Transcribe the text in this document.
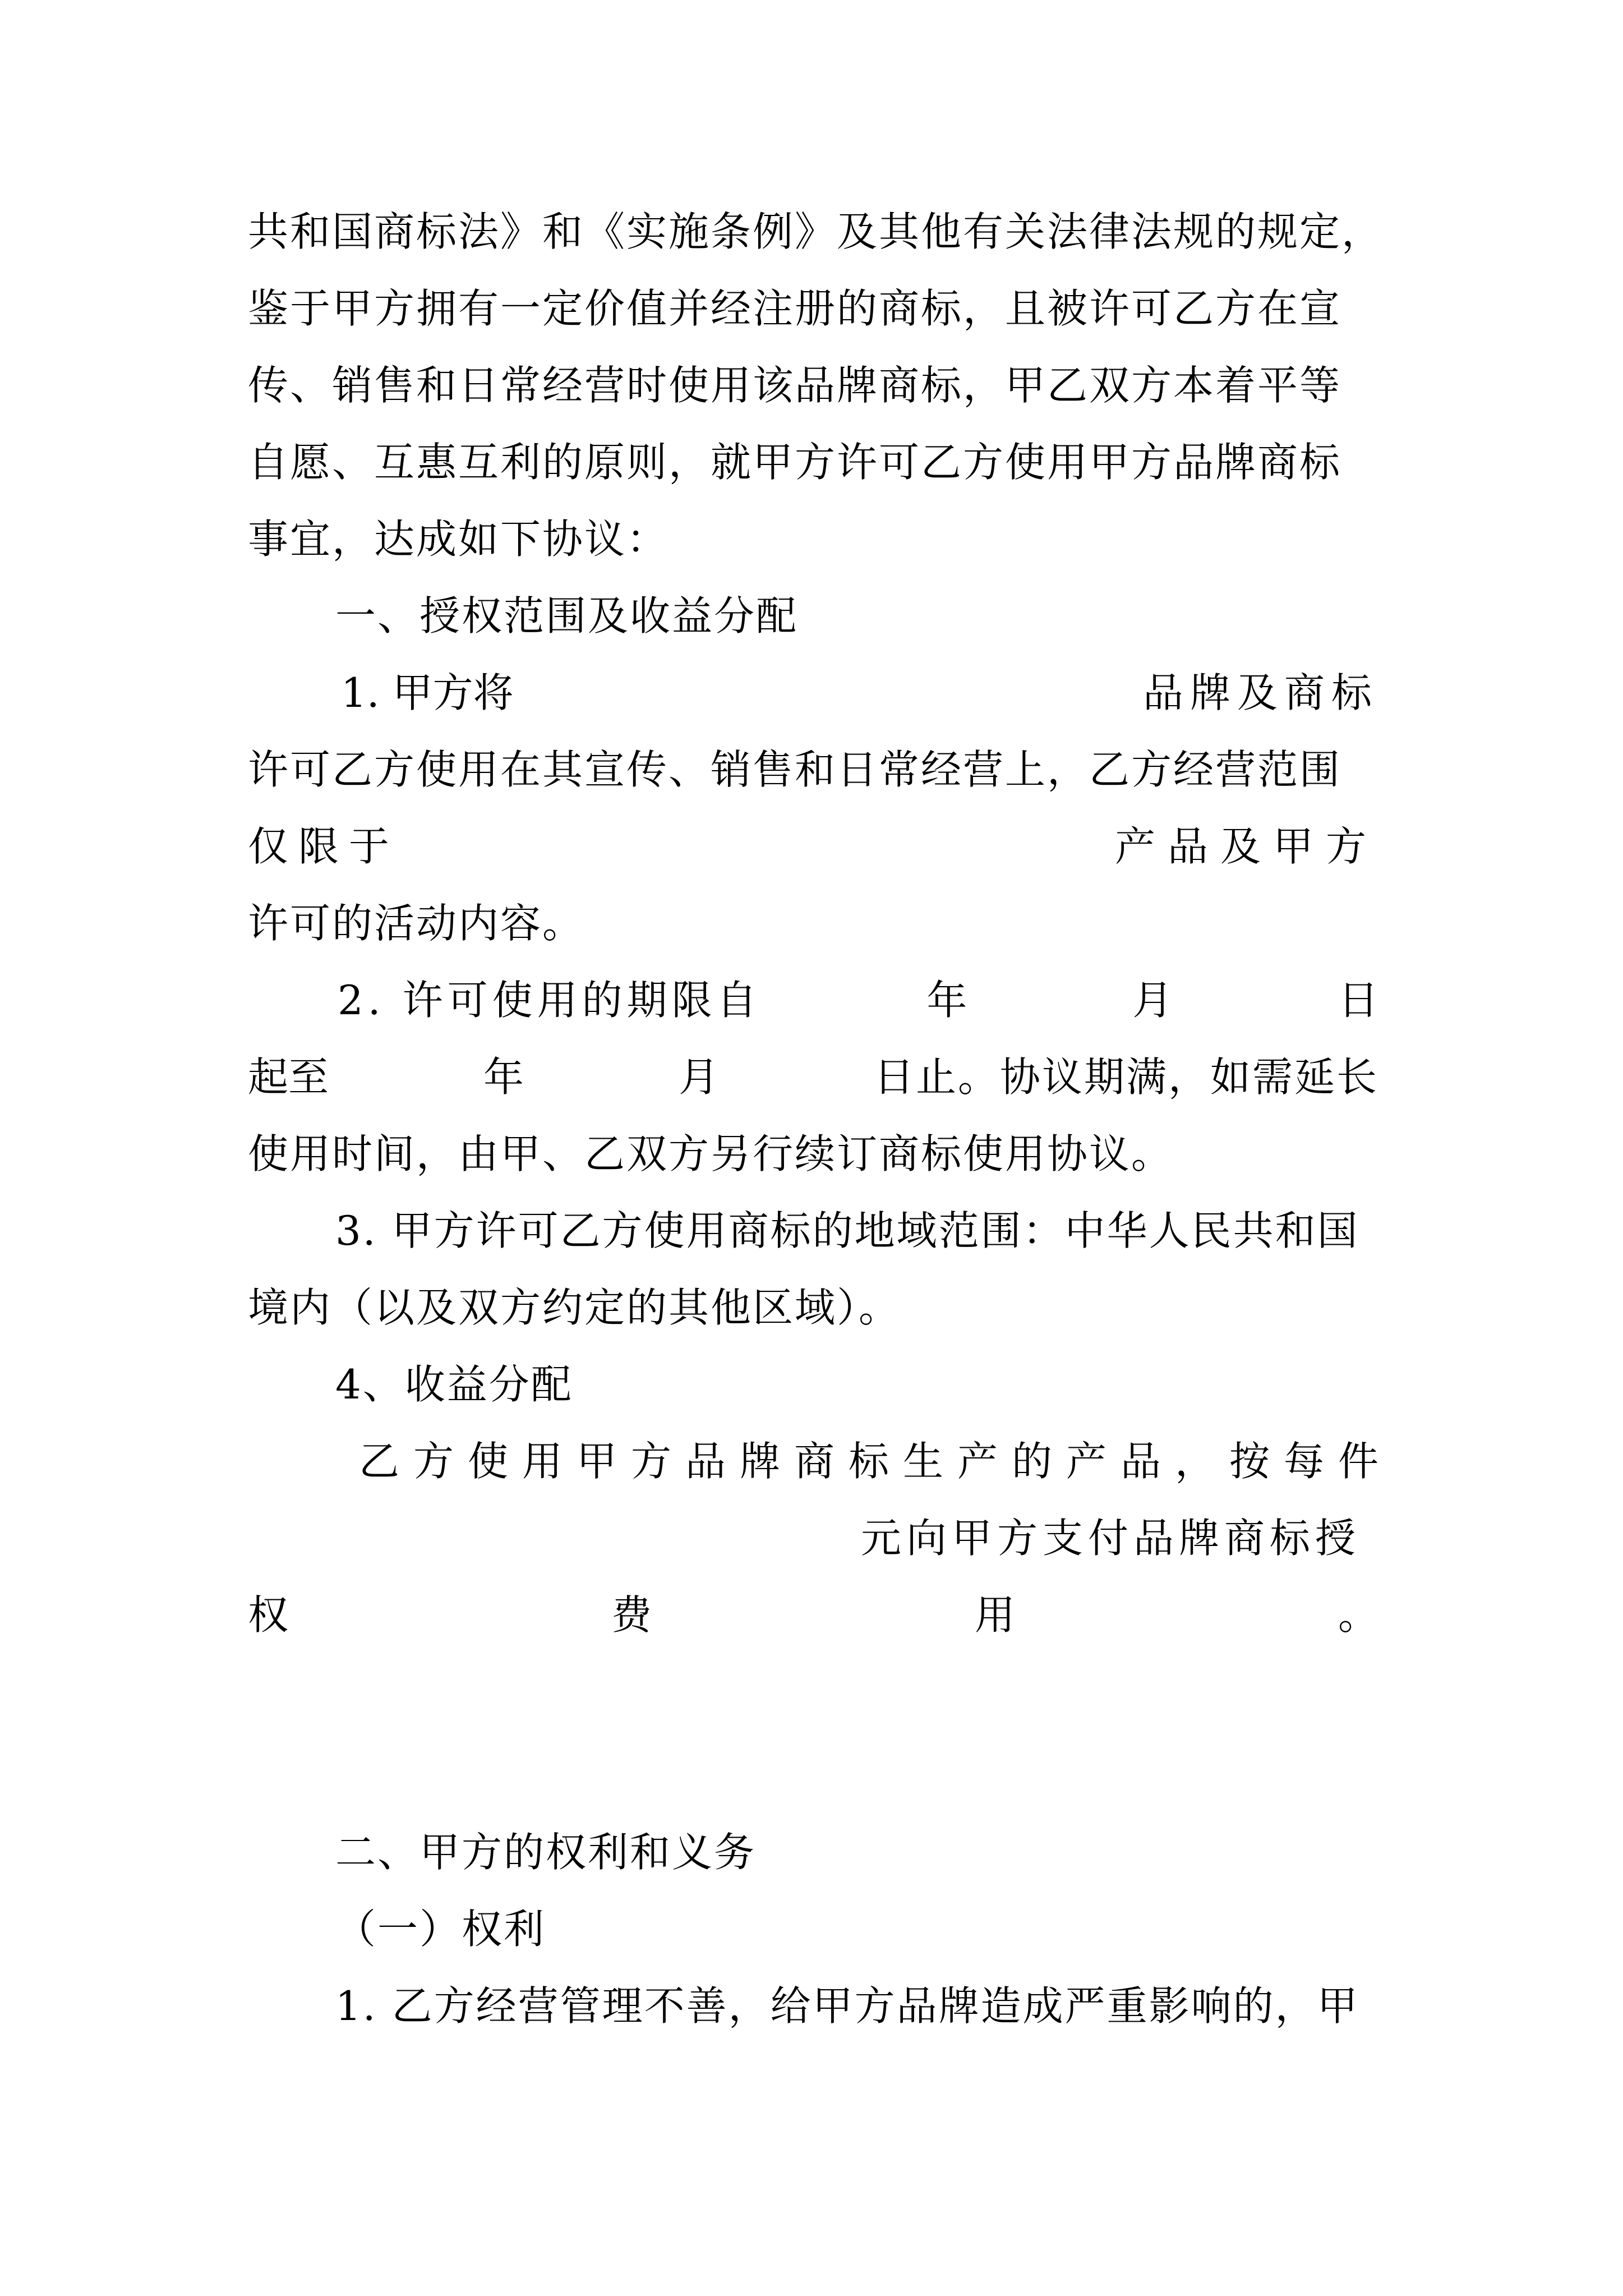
共和国商标法》和《实施条例》及其他有关法律法规的规定，
鉴于甲方拥有一定价值并经注册的商标，且被许可乙方在宣
传、销售和日常经营时使用该品牌商标，甲乙双方本着平等
自愿、互惠互利的原则，就甲方许可乙方使用甲方品牌商标
事宜，达成如下协议：
一、授权范围及收益分配
1. 甲方将	品牌及商标
许可乙方使用在其宣传、销售和日常经营上，乙方经营范围
仅限于	产品及甲方
许可的活动内容。
2. 许可使用的期限自	年	月	日
起至	年	月	日止。协议期满，如需延长
使用时间，由甲、乙双方另行续订商标使用协议。
3. 甲方许可乙方使用商标的地域范围：中华人民共和国
境内（以及双方约定的其他区域）。
4、收益分配
乙方使用甲方品牌商标生产的产品，按每件
元向甲方支付品牌商标授
权	费	用	。
二、甲方的权利和义务
（一）权利
1. 乙方经营管理不善，给甲方品牌造成严重影响的，甲
